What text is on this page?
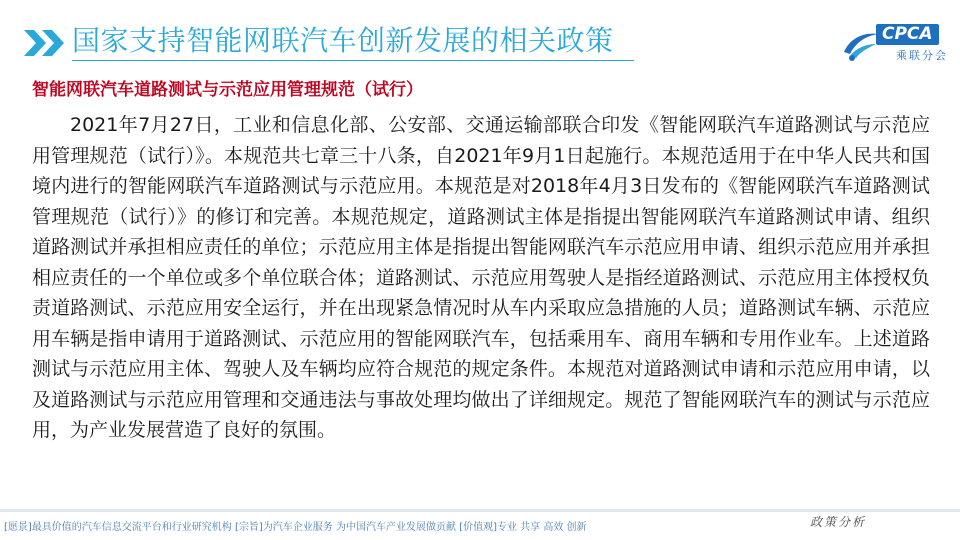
国家支持智能网联汽车创新发展的相关政策	CPCA
乘联分会
智能网联汽车道路测试与示范应用管理规范（试行）

2021年7月27日，工业和信息化部、公安部、交通运输部联合印发《智能网联汽车道路测试与示范应用管理规范（试行）》。本规范共七章三十八条，自2021年9月1日起施行。本规范适用于在中华人民共和国境内进行的智能网联汽车道路测试与示范应用。本规范是对2018年4月3日发布的《智能网联汽车道路测试管理规范（试行）》的修订和完善。本规范规定，道路测试主体是指提出智能网联汽车道路测试申请、组织道路测试并承担相应责任的单位；示范应用主体是指提出智能网联汽车示范应用申请、组织示范应用并承担相应责任的一个单位或多个单位联合体；道路测试、示范应用驾驶人是指经道路测试、示范应用主体授权负责道路测试、示范应用安全运行，并在出现紧急情况时从车内采取应急措施的人员；道路测试车辆、示范应用车辆是指申请用于道路测试、示范应用的智能网联汽车，包括乘用车、商用车辆和专用作业车。上述道路测试与示范应用主体、驾驶人及车辆均应符合规范的规定条件。本规范对道路测试申请和示范应用申请，以及道路测试与示范应用管理和交通违法与事故处理均做出了详细规定。规范了智能网联汽车的测试与示范应用，为产业发展营造了良好的氛围。

[愿景]最具价值的汽车信息交流平台和行业研究机构 [宗旨]为汽车企业服务 为中国汽车产业发展做贡献 [价值观]专业 共享 高效 创新	政策分析
